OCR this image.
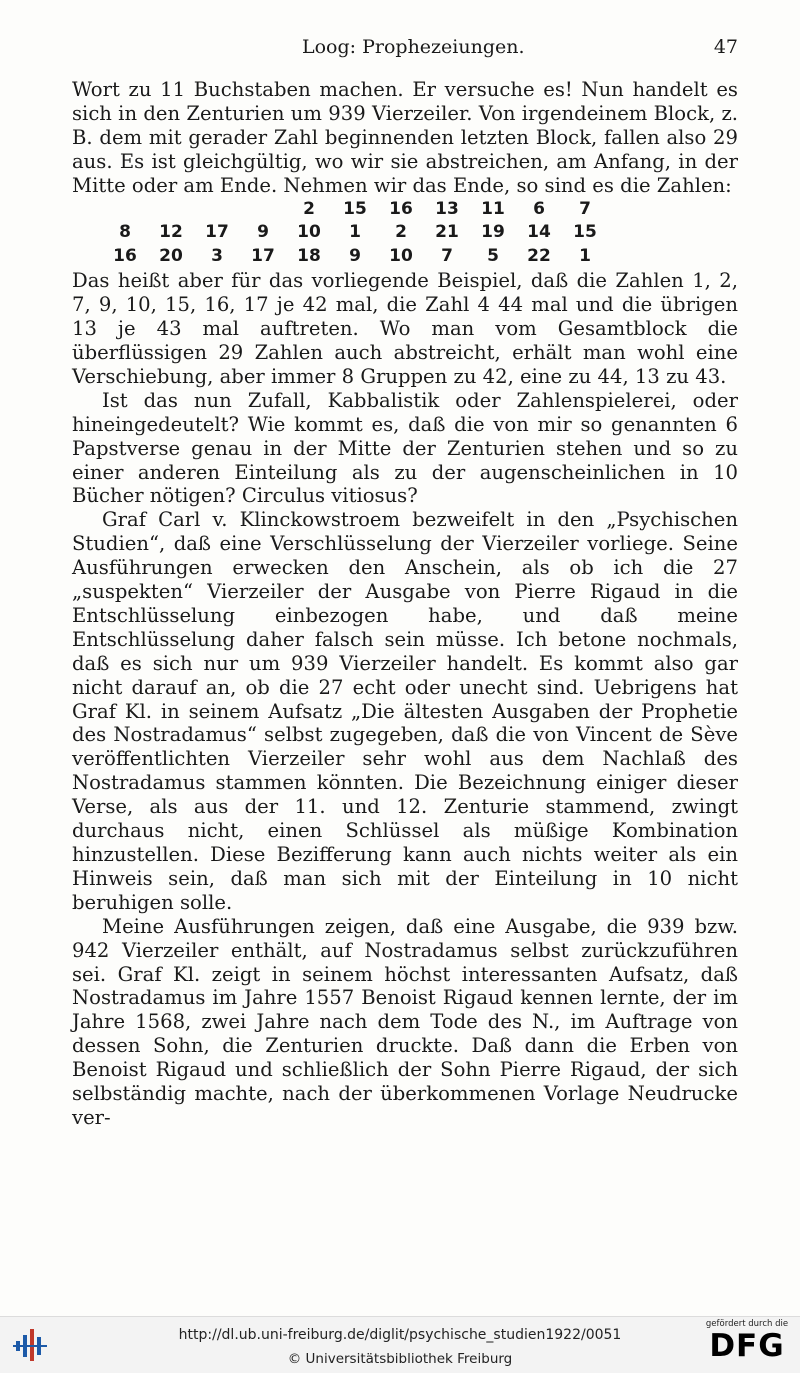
Loog: Prophezeiungen.	47

Wort zu 11 Buchstaben machen. Er versuche es! Nun handelt es sich in den Zenturien um 939 Vierzeiler. Von irgendeinem Block, z. B. dem mit gerader Zahl beginnenden letzten Block, fallen also 29 aus. Es ist gleichgültig, wo wir sie abstreichen, am Anfang, in der Mitte oder am Ende. Nehmen wir das Ende, so sind es die Zahlen:

				2	15	16	13	11	6	7
8	12	17	9	10	1	2	21	19	14	15
16	20	3	17	18	9	10	7	5	22	1

Das heißt aber für das vorliegende Beispiel, daß die Zahlen 1, 2, 7, 9, 10, 15, 16, 17 je 42 mal, die Zahl 4 44 mal und die übrigen 13 je 43 mal auftreten. Wo man vom Gesamtblock die überflüssigen 29 Zahlen auch abstreicht, erhält man wohl eine Verschiebung, aber immer 8 Gruppen zu 42, eine zu 44, 13 zu 43.

Ist das nun Zufall, Kabbalistik oder Zahlenspielerei, oder hineingedeutelt? Wie kommt es, daß die von mir so genannten 6 Papstverse genau in der Mitte der Zenturien stehen und so zu einer anderen Einteilung als zu der augenscheinlichen in 10 Bücher nötigen? Circulus vitiosus?

Graf Carl v. Klinckowstroem bezweifelt in den „Psychischen Studien“, daß eine Verschlüsselung der Vierzeiler vorliege. Seine Ausführungen erwecken den Anschein, als ob ich die 27 „suspekten“ Vierzeiler der Ausgabe von Pierre Rigaud in die Entschlüsselung einbezogen habe, und daß meine Entschlüsselung daher falsch sein müsse. Ich betone nochmals, daß es sich nur um 939 Vierzeiler handelt. Es kommt also gar nicht darauf an, ob die 27 echt oder unecht sind. Uebrigens hat Graf Kl. in seinem Aufsatz „Die ältesten Ausgaben der Prophetie des Nostradamus“ selbst zugegeben, daß die von Vincent de Sève veröffentlichten Vierzeiler sehr wohl aus dem Nachlaß des Nostradamus stammen könnten. Die Bezeichnung einiger dieser Verse, als aus der 11. und 12. Zenturie stammend, zwingt durchaus nicht, einen Schlüssel als müßige Kombination hinzustellen. Diese Bezifferung kann auch nichts weiter als ein Hinweis sein, daß man sich mit der Einteilung in 10 nicht beruhigen solle.

Meine Ausführungen zeigen, daß eine Ausgabe, die 939 bzw. 942 Vierzeiler enthält, auf Nostradamus selbst zurückzuführen sei. Graf Kl. zeigt in seinem höchst interessanten Aufsatz, daß Nostradamus im Jahre 1557 Benoist Rigaud kennen lernte, der im Jahre 1568, zwei Jahre nach dem Tode des N., im Auftrage von dessen Sohn, die Zenturien druckte. Daß dann die Erben von Benoist Rigaud und schließlich der Sohn Pierre Rigaud, der sich selbständig machte, nach der überkommenen Vorlage Neudrucke ver-

http://dl.ub.uni-freiburg.de/diglit/psychische_studien1922/0051
© Universitätsbibliothek Freiburg
gefördert durch die
DFG
